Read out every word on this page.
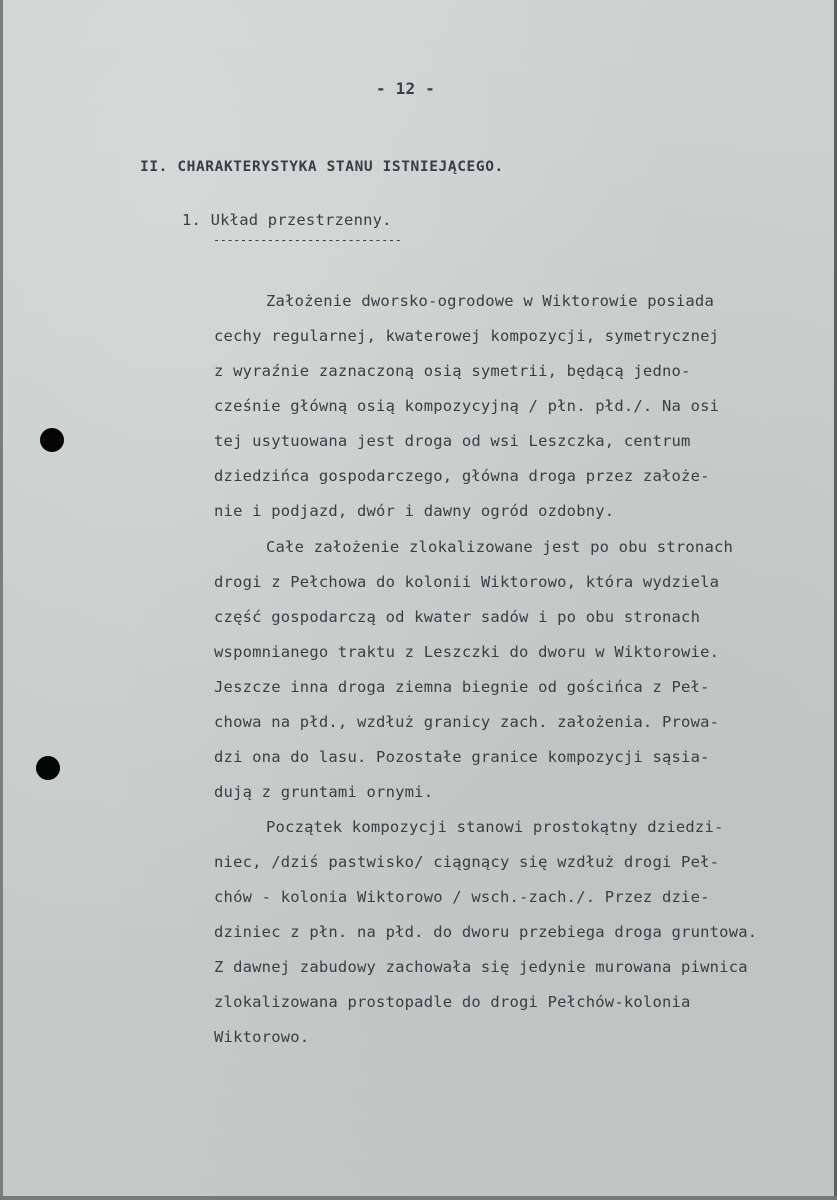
- 12 -
II. CHARAKTERYSTYKA STANU ISTNIEJĄCEGO.
1. Układ przestrzenny.
----------------------------
Założenie dworsko-ogrodowe w Wiktorowie posiada
cechy regularnej, kwaterowej kompozycji, symetrycznej
z wyraźnie zaznaczoną osią symetrii, będącą jedno-
cześnie główną osią kompozycyjną / płn. płd./. Na osi
tej usytuowana jest droga od wsi Leszczka, centrum
dziedzińca gospodarczego, główna droga przez założe-
nie i podjazd, dwór i dawny ogród ozdobny.
Całe założenie zlokalizowane jest po obu stronach
drogi z Pełchowa do kolonii Wiktorowo, która wydziela
część gospodarczą od kwater sadów i po obu stronach
wspomnianego traktu z Leszczki do dworu w Wiktorowie.
Jeszcze inna droga ziemna biegnie od gościńca z Peł-
chowa na płd., wzdłuż granicy zach. założenia. Prowa-
dzi ona do lasu. Pozostałe granice kompozycji sąsia-
dują z gruntami ornymi.
Początek kompozycji stanowi prostokątny dziedzi-
niec, /dziś pastwisko/ ciągnący się wzdłuż drogi Peł-
chów - kolonia Wiktorowo / wsch.-zach./. Przez dzie-
dziniec z płn. na płd. do dworu przebiega droga gruntowa.
Z dawnej zabudowy zachowała się jedynie murowana piwnica
zlokalizowana prostopadle do drogi Pełchów-kolonia
Wiktorowo.
